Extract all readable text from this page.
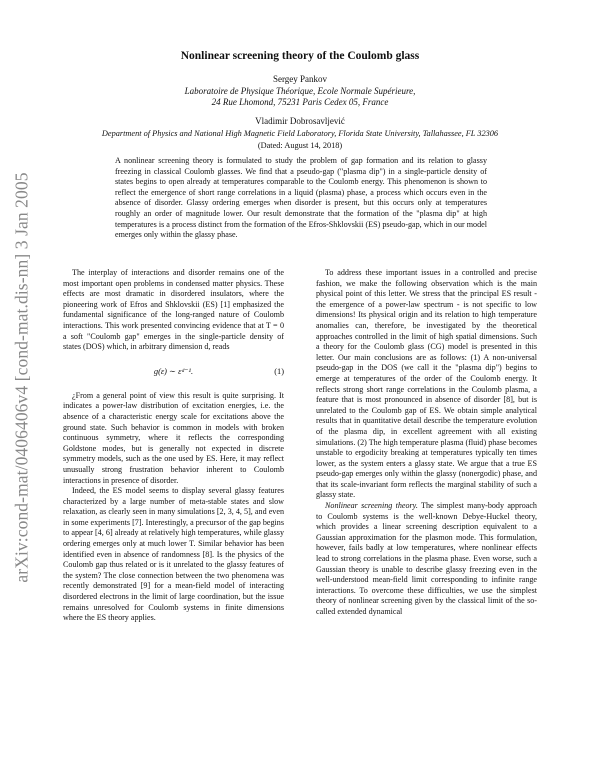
arXiv:cond-mat/0406406v4 [cond-mat.dis-nn] 3 Jan 2005
Nonlinear screening theory of the Coulomb glass
Sergey Pankov
Laboratoire de Physique Théorique, Ecole Normale Supérieure,
24 Rue Lhomond, 75231 Paris Cedex 05, France
Vladimir Dobrosavljević
Department of Physics and National High Magnetic Field Laboratory, Florida State University, Tallahassee, FL 32306
(Dated: August 14, 2018)

A nonlinear screening theory is formulated to study the problem of gap formation and its relation to glassy freezing in classical Coulomb glasses. We find that a pseudo-gap ("plasma dip") in a single-particle density of states begins to open already at temperatures comparable to the Coulomb energy. This phenomenon is shown to reflect the emergence of short range correlations in a liquid (plasma) phase, a process which occurs even in the absence of disorder. Glassy ordering emerges when disorder is present, but this occurs only at temperatures roughly an order of magnitude lower. Our result demonstrate that the formation of the "plasma dip" at high temperatures is a process distinct from the formation of the Efros-Shklovskii (ES) pseudo-gap, which in our model emerges only within the glassy phase.

The interplay of interactions and disorder remains one of the most important open problems in condensed matter physics. These effects are most dramatic in disordered insulators, where the pioneering work of Efros and Shklovskii (ES) [1] emphasized the fundamental significance of the long-ranged nature of Coulomb interactions. This work presented convincing evidence that at T = 0 a soft "Coulomb gap" emerges in the single-particle density of states (DOS) which, in arbitrary dimension d, reads

g(ε) ∼ εᵈ⁻¹.	(1)

¿From a general point of view this result is quite surprising. It indicates a power-law distribution of excitation energies, i.e. the absence of a characteristic energy scale for excitations above the ground state. Such behavior is common in models with broken continuous symmetry, where it reflects the corresponding Goldstone modes, but is generally not expected in discrete symmetry models, such as the one used by ES. Here, it may reflect unusually strong frustration behavior inherent to Coulomb interactions in presence of disorder.

Indeed, the ES model seems to display several glassy features characterized by a large number of meta-stable states and slow relaxation, as clearly seen in many simulations [2, 3, 4, 5], and even in some experiments [7]. Interestingly, a precursor of the gap begins to appear [4, 6] already at relatively high temperatures, while glassy ordering emerges only at much lower T. Similar behavior has been identified even in absence of randomness [8]. Is the physics of the Coulomb gap thus related or is it unrelated to the glassy features of the system? The close connection between the two phenomena was recently demonstrated [9] for a mean-field model of interacting disordered electrons in the limit of large coordination, but the issue remains unresolved for Coulomb systems in finite dimensions where the ES theory applies.

To address these important issues in a controlled and precise fashion, we make the following observation which is the main physical point of this letter. We stress that the principal ES result - the emergence of a power-law spectrum - is not specific to low dimensions! Its physical origin and its relation to high temperature anomalies can, therefore, be investigated by the theoretical approaches controlled in the limit of high spatial dimensions. Such a theory for the Coulomb glass (CG) model is presented in this letter. Our main conclusions are as follows: (1) A non-universal pseudo-gap in the DOS (we call it the "plasma dip") begins to emerge at temperatures of the order of the Coulomb energy. It reflects strong short range correlations in the Coulomb plasma, a feature that is most pronounced in absence of disorder [8], but is unrelated to the Coulomb gap of ES. We obtain simple analytical results that in quantitative detail describe the temperature evolution of the plasma dip, in excellent agreement with all existing simulations. (2) The high temperature plasma (fluid) phase becomes unstable to ergodicity breaking at temperatures typically ten times lower, as the system enters a glassy state. We argue that a true ES pseudo-gap emerges only within the glassy (nonergodic) phase, and that its scale-invariant form reflects the marginal stability of such a glassy state.

Nonlinear screening theory. The simplest many-body approach to Coulomb systems is the well-known Debye-Huckel theory, which provides a linear screening description equivalent to a Gaussian approximation for the plasmon mode. This formulation, however, fails badly at low temperatures, where nonlinear effects lead to strong correlations in the plasma phase. Even worse, such a Gaussian theory is unable to describe glassy freezing even in the well-understood mean-field limit corresponding to infinite range interactions. To overcome these difficulties, we use the simplest theory of nonlinear screening given by the classical limit of the so-called extended dynamical
